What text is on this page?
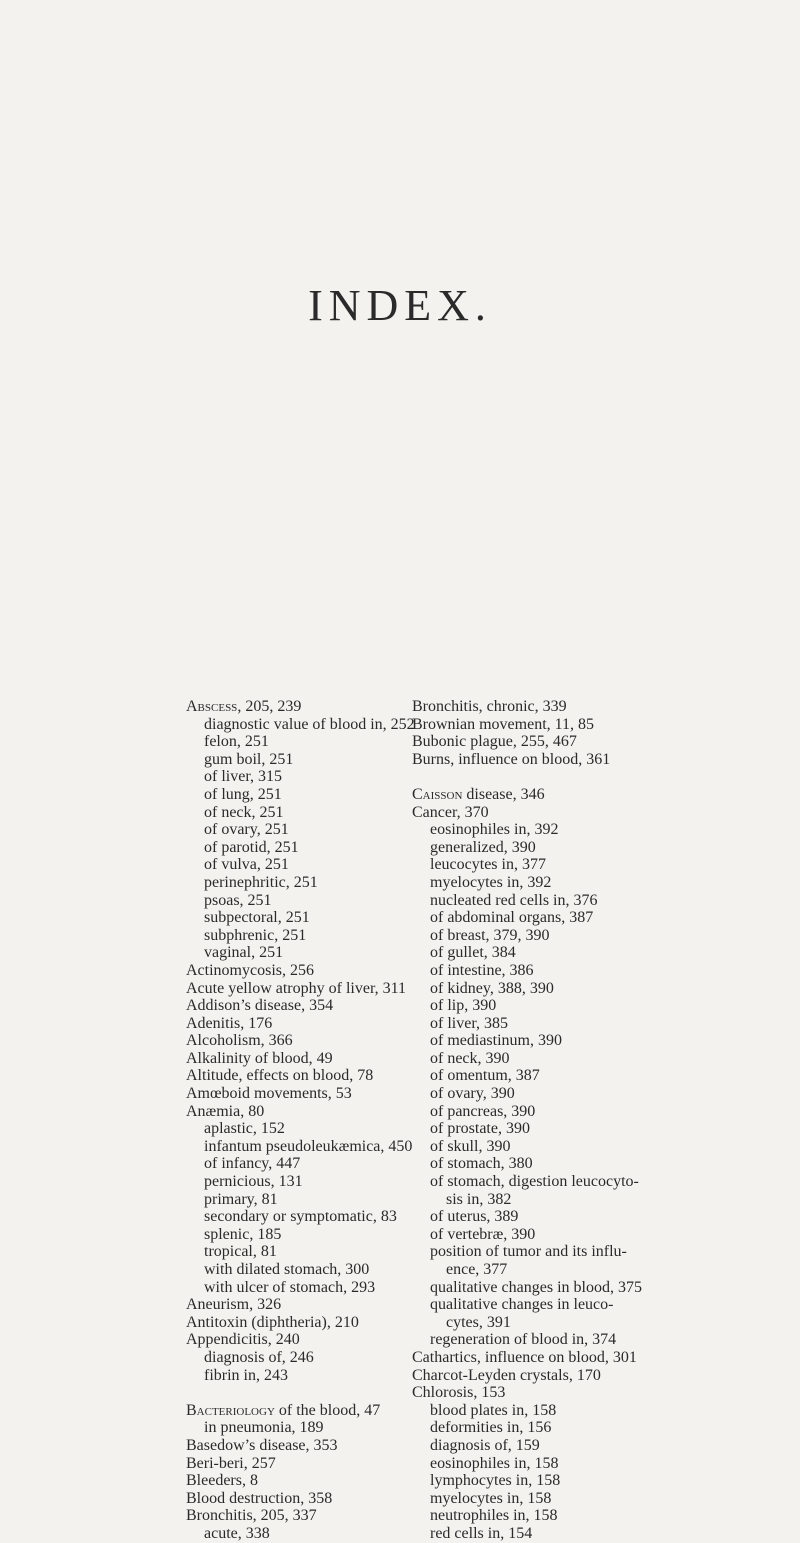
INDEX.
Abscess, 205, 239
diagnostic value of blood in, 252
felon, 251
gum boil, 251
of liver, 315
of lung, 251
of neck, 251
of ovary, 251
of parotid, 251
of vulva, 251
perinephritic, 251
psoas, 251
subpectoral, 251
subphrenic, 251
vaginal, 251
Actinomycosis, 256
Acute yellow atrophy of liver, 311
Addison’s disease, 354
Adenitis, 176
Alcoholism, 366
Alkalinity of blood, 49
Altitude, effects on blood, 78
Amœboid movements, 53
Anæmia, 80
aplastic, 152
infantum pseudoleukæmica, 450
of infancy, 447
pernicious, 131
primary, 81
secondary or symptomatic, 83
splenic, 185
tropical, 81
with dilated stomach, 300
with ulcer of stomach, 293
Aneurism, 326
Antitoxin (diphtheria), 210
Appendicitis, 240
diagnosis of, 246
fibrin in, 243
Bacteriology of the blood, 47
in pneumonia, 189
Basedow’s disease, 353
Beri-beri, 257
Bleeders, 8
Blood destruction, 358
Bronchitis, 205, 337
acute, 338
Bronchitis, chronic, 339
Brownian movement, 11, 85
Bubonic plague, 255, 467
Burns, influence on blood, 361
Caisson disease, 346
Cancer, 370
eosinophiles in, 392
generalized, 390
leucocytes in, 377
myelocytes in, 392
nucleated red cells in, 376
of abdominal organs, 387
of breast, 379, 390
of gullet, 384
of intestine, 386
of kidney, 388, 390
of lip, 390
of liver, 385
of mediastinum, 390
of neck, 390
of omentum, 387
of ovary, 390
of pancreas, 390
of prostate, 390
of skull, 390
of stomach, 380
of stomach, digestion leucocyto-
sis in, 382
of uterus, 389
of vertebræ, 390
position of tumor and its influ-
ence, 377
qualitative changes in blood, 375
qualitative changes in leuco-
cytes, 391
regeneration of blood in, 374
Cathartics, influence on blood, 301
Charcot-Leyden crystals, 170
Chlorosis, 153
blood plates in, 158
deformities in, 156
diagnosis of, 159
eosinophiles in, 158
lymphocytes in, 158
myelocytes in, 158
neutrophiles in, 158
red cells in, 154
